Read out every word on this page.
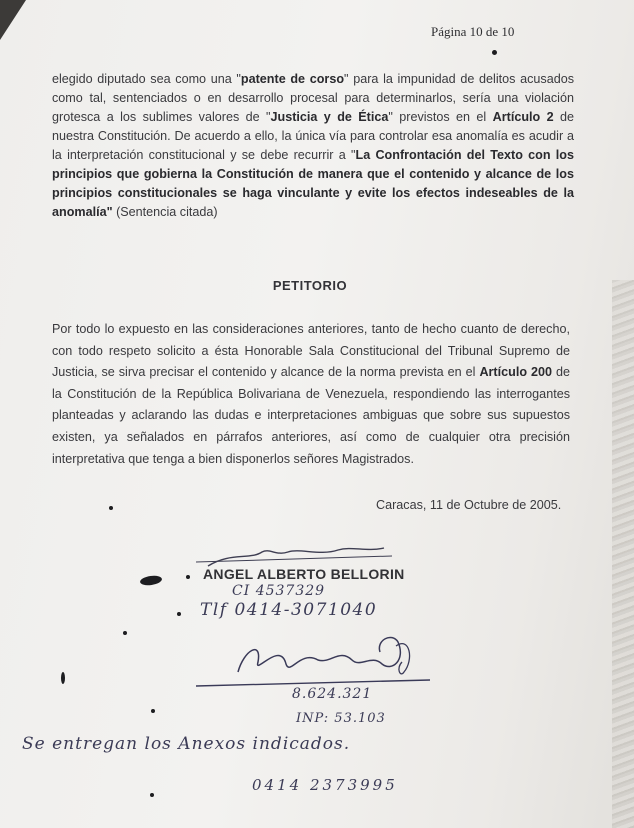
Página 10 de 10

elegido diputado sea como una "patente de corso" para la impunidad de delitos acusados como tal, sentenciados o en desarrollo procesal para determinarlos, sería una violación grotesca a los sublimes valores de "Justicia y de Ética" previstos en el Artículo 2 de nuestra Constitución. De acuerdo a ello, la única vía para controlar esa anomalía es acudir a la interpretación constitucional y se debe recurrir a "La Confrontación del Texto con los principios que gobierna la Constitución de manera que el contenido y alcance de los principios constitucionales se haga vinculante y evite los efectos indeseables de la anomalía" (Sentencia citada)

PETITORIO

Por todo lo expuesto en las consideraciones anteriores, tanto de hecho cuanto de derecho, con todo respeto solicito a ésta Honorable Sala Constitucional del Tribunal Supremo de Justicia, se sirva precisar el contenido y alcance de la norma prevista en el Artículo 200 de la Constitución de la República Bolivariana de Venezuela, respondiendo las interrogantes planteadas y aclarando las dudas e interpretaciones ambiguas que sobre sus supuestos existen, ya señalados en párrafos anteriores, así como de cualquier otra precisión interpretativa que tenga a bien disponerlos señores Magistrados.

Caracas, 11 de Octubre de 2005.
ANGEL ALBERTO BELLORIN
CI 4537329
Tlf 0414-3071040
8.624.321
INP: 53.103
Se entregan los Anexos indicados.
0414 2373995
